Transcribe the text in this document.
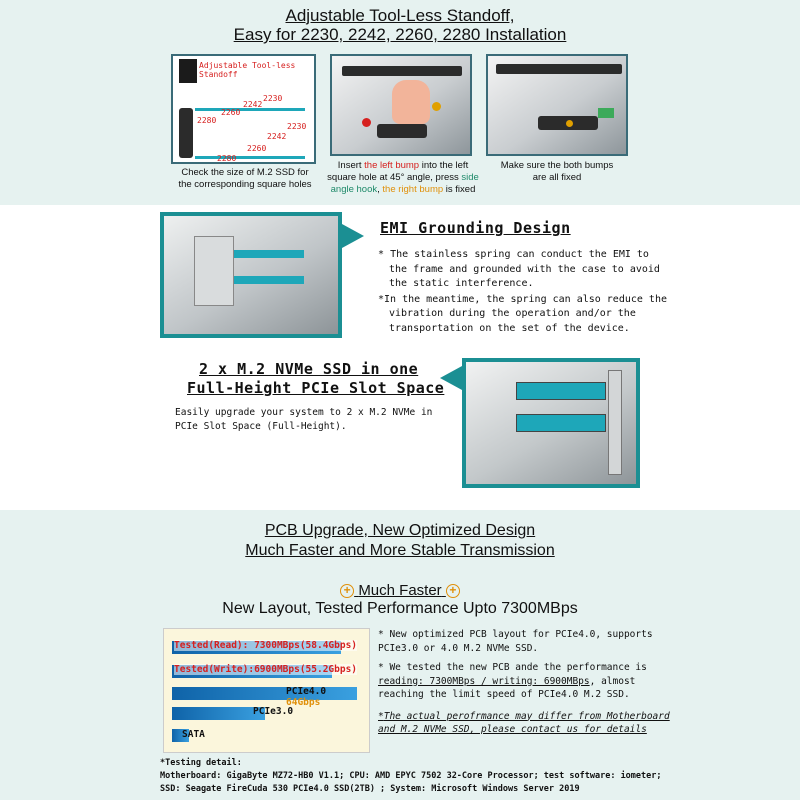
Adjustable Tool-Less Standoff,
Easy for 2230, 2242, 2260, 2280 Installation
Adjustable Tool-less Standoff
2280
2260
2242
2230
2280
2260
2242
2230
Check the size of M.2 SSD for
the corresponding square holes
Insert the left bump into the left
square hole at 45° angle, press side
angle hook, the right bump is fixed
Make sure the both bumps
are all fixed
EMI Grounding Design
* The stainless spring can conduct the EMI to the frame and grounded with the case to avoid the static interference.
*In the meantime, the spring can also reduce the vibration during the operation and/or the transportation on the set of the device.
2 x M.2 NVMe SSD in one
Full-Height PCIe Slot Space
Easily upgrade your system to 2 x M.2 NVMe in
PCIe Slot Space (Full-Height).
PCB Upgrade, New Optimized Design
Much Faster and More Stable Transmission
+ Much Faster +
New Layout, Tested Performance Upto 7300MBps
Tested(Read): 7300MBps(58.4Gbps)
Tested(Write):6900MBps(55.2Gbps)
PCIe4.0
PCIe3.0
SATA
64Gbps
* New optimized PCB layout for PCIe4.0, supports
PCIe3.0 or 4.0 M.2 NVMe SSD.
* We tested the new PCB ande the performance is
reading: 7300MBps / writing: 6900MBps, almost
reaching the limit speed of PCIe4.0 M.2 SSD.
*The actual perofrmance may differ from Motherboard
and M.2 NVMe SSD, please contact us for details
*Testing detail:
Motherboard: GigaByte MZ72-HB0 V1.1; CPU: AMD EPYC 7502 32-Core Processor; test software: iometer;
SSD: Seagate FireCuda 530 PCIe4.0 SSD(2TB) ; System: Microsoft Windows Server 2019
